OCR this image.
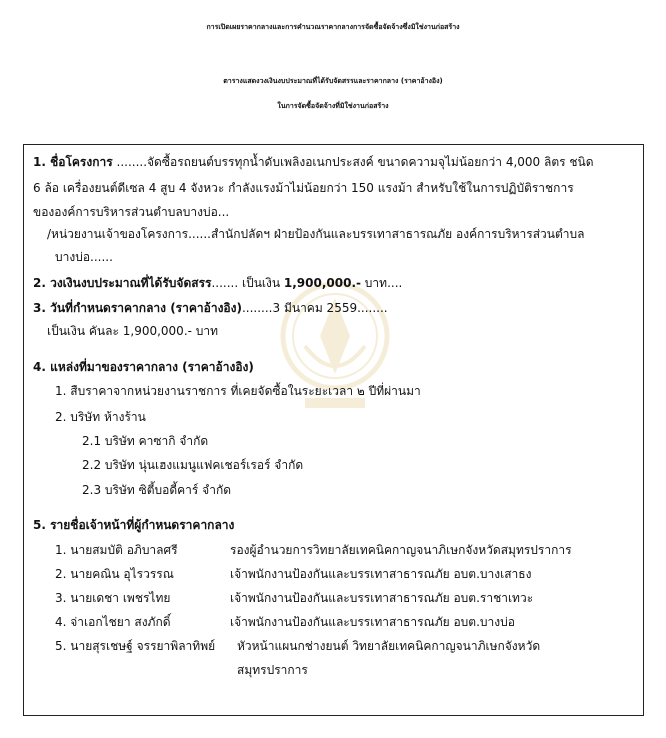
การเปิดเผยราคากลางและการคำนวณราคากลางการจัดซื้อจัดจ้างซึ่งมิใช่งานก่อสร้าง
ตารางแสดงวงเงินงบประมาณที่ได้รับจัดสรรและราคากลาง (ราคาอ้างอิง)
ในการจัดซื้อจัดจ้างที่มิใช่งานก่อสร้าง
1. ชื่อโครงการ ........จัดซื้อรถยนต์บรรทุกน้ำดับเพลิงอเนกประสงค์ ขนาดความจุไม่น้อยกว่า 4,000 ลิตร ชนิด
6 ล้อ เครื่องยนต์ดีเซล 4 สูบ 4 จังหวะ กำลังแรงม้าไม่น้อยกว่า 150 แรงม้า สำหรับใช้ในการปฏิบัติราชการ
ขององค์การบริหารส่วนตำบลบางบ่อ...
/หน่วยงานเจ้าของโครงการ......สำนักปลัดฯ ฝ่ายป้องกันและบรรเทาสาธารณภัย องค์การบริหารส่วนตำบล
บางบ่อ......
2. วงเงินงบประมาณที่ได้รับจัดสรร....... เป็นเงิน 1,900,000.- บาท....
3. วันที่กำหนดราคากลาง (ราคาอ้างอิง)........3 มีนาคม 2559........
เป็นเงิน คันละ 1,900,000.- บาท
4. แหล่งที่มาของราคากลาง (ราคาอ้างอิง)
1. สืบราคาจากหน่วยงานราชการ ที่เคยจัดซื้อในระยะเวลา ๒ ปีที่ผ่านมา
2. บริษัท ห้างร้าน
2.1 บริษัท คาซากิ จำกัด
2.2 บริษัท นุ่นเฮงแมนูแฟคเชอร์เรอร์ จำกัด
2.3 บริษัท ซิตี้บอดี้คาร์ จำกัด
5. รายชื่อเจ้าหน้าที่ผู้กำหนดราคากลาง
1. นายสมบัติ อภิบาลศรี	รองผู้อำนวยการวิทยาลัยเทคนิคกาญจนาภิเษกจังหวัดสมุทรปราการ
2. นายคณิน อุไรวรรณ	เจ้าพนักงานป้องกันและบรรเทาสาธารณภัย อบต.บางเสาธง
3. นายเดชา เพชรไทย	เจ้าพนักงานป้องกันและบรรเทาสาธารณภัย อบต.ราชาเทวะ
4. จ่าเอกไชยา สงภักดิ์	เจ้าพนักงานป้องกันและบรรเทาสาธารณภัย อบต.บางบ่อ
5. นายสุรเชษฐ์ จรรยาพิลาทิพย์ หัวหน้าแผนกช่างยนต์ วิทยาลัยเทคนิคกาญจนาภิเษกจังหวัด
สมุทรปราการ
